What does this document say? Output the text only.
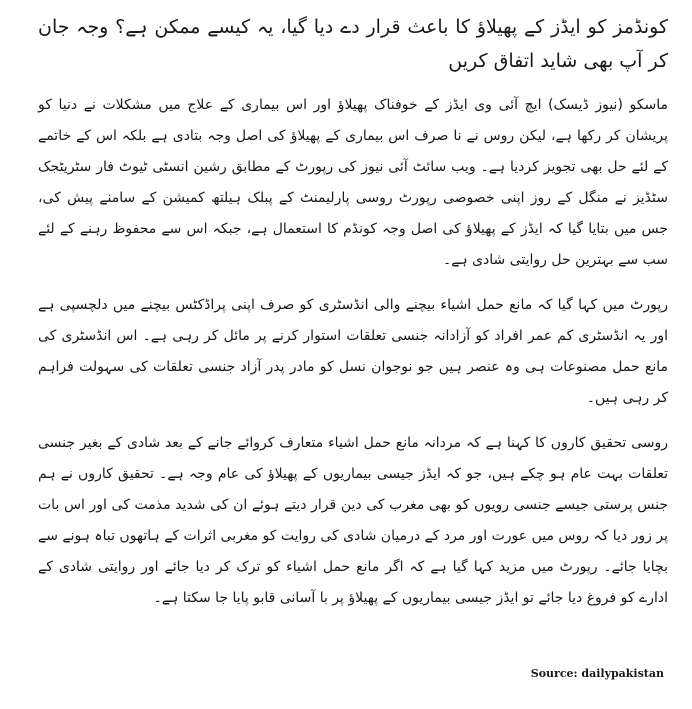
کونڈمز کو ایڈز کے پھیلاؤ کا باعث قرار دے دیا گیا، یہ کیسے ممکن ہے؟ وجہ جان کر آپ بھی شاید اتفاق کریں

ماسکو (نیوز ڈیسک) ایچ آئی وی ایڈز کے خوفناک پھیلاؤ اور اس بیماری کے علاج میں مشکلات نے دنیا کو پریشان کر رکھا ہے، لیکن روس نے نا صرف اس بیماری کے پھیلاؤ کی اصل وجہ بتادی ہے بلکہ اس کے خاتمے کے لئے حل بھی تجویز کردیا ہے۔ ویب سائٹ آئی نیوز کی رپورٹ کے مطابق رشین انسٹی ٹیوٹ فار سٹریٹجک سٹڈیز نے منگل کے روز اپنی خصوصی رپورٹ روسی پارلیمنٹ کے پبلک ہیلتھ کمیشن کے سامنے پیش کی، جس میں بتایا گیا کہ ایڈز کے پھیلاؤ کی اصل وجہ کونڈم کا استعمال ہے، جبکہ اس سے محفوظ رہنے کے لئے سب سے بہترین حل روایتی شادی ہے۔

رپورٹ میں کہا گیا کہ مانع حمل اشیاء بیچنے والی انڈسٹری کو صرف اپنی پراڈکٹس بیچنے میں دلچسپی ہے اور یہ انڈسٹری کم عمر افراد کو آزادانہ جنسی تعلقات استوار کرنے پر مائل کر رہی ہے۔ اس انڈسٹری کی مانع حمل مصنوعات ہی وہ عنصر ہیں جو نوجوان نسل کو مادر پدر آزاد جنسی تعلقات کی سہولت فراہم کر رہی ہیں۔

روسی تحقیق کاروں کا کہنا ہے کہ مردانہ مانع حمل اشیاء متعارف کروائے جانے کے بعد شادی کے بغیر جنسی تعلقات بہت عام ہو چکے ہیں، جو کہ ایڈز جیسی بیماریوں کے پھیلاؤ کی عام وجہ ہے۔ تحقیق کاروں نے ہم جنس پرستی جیسے جنسی رویوں کو بھی مغرب کی دین قرار دیتے ہوئے ان کی شدید مذمت کی اور اس بات پر زور دیا کہ روس میں عورت اور مرد کے درمیان شادی کی روایت کو مغربی اثرات کے ہاتھوں تباہ ہونے سے بچایا جائے۔ رپورٹ میں مزید کہا گیا ہے کہ اگر مانع حمل اشیاء کو ترک کر دیا جائے اور روایتی شادی کے ادارے کو فروغ دیا جائے تو ایڈز جیسی بیماریوں کے پھیلاؤ پر با آسانی قابو پایا جا سکتا ہے۔

Source: dailypakistan
